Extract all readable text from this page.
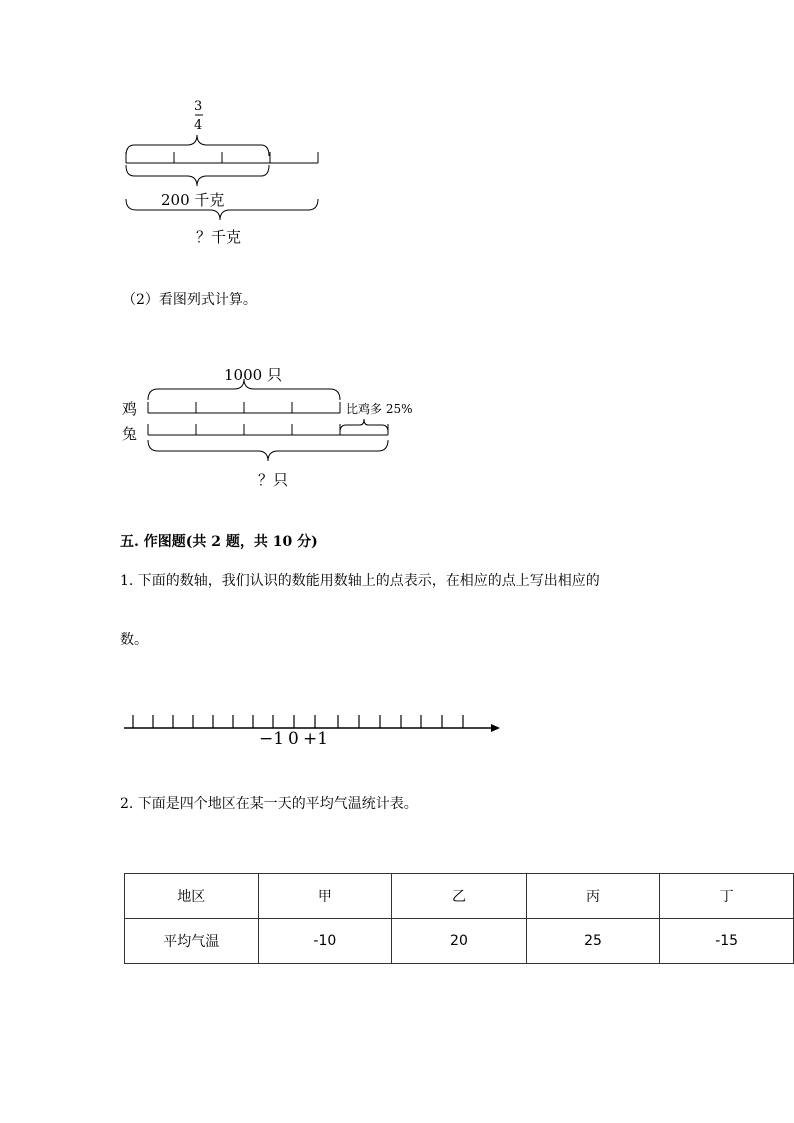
3
4
200 千克
？千克
（2）看图列式计算。
1000 只
鸡
兔
比鸡多 25%
？只
五. 作图题(共 2 题，共 10 分)
1. 下面的数轴，我们认识的数能用数轴上的点表示，在相应的点上写出相应的
数。
−1 0 +1
2. 下面是四个地区在某一天的平均气温统计表。
地区	甲	乙	丙	丁
平均气温	-10	20	25	-15
